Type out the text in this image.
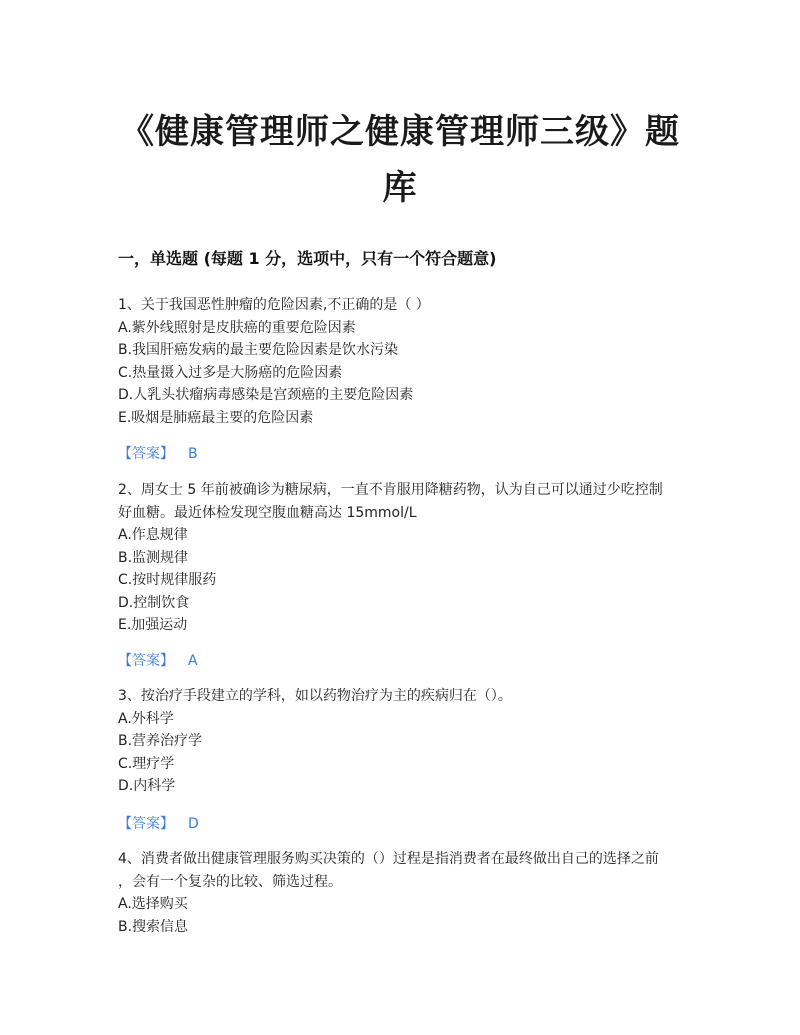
《健康管理师之健康管理师三级》题
库
一，单选题 (每题 1 分，选项中，只有一个符合题意)
1、关于我国恶性肿瘤的危险因素,不正确的是（ ）
A.紫外线照射是皮肤癌的重要危险因素
B.我国肝癌发病的最主要危险因素是饮水污染
C.热量摄入过多是大肠癌的危险因素
D.人乳头状瘤病毒感染是宫颈癌的主要危险因素
E.吸烟是肺癌最主要的危险因素
【答案】 B
2、周女士 5 年前被确诊为糖尿病，一直不肯服用降糖药物，认为自己可以通过少吃控制
好血糖。最近体检发现空腹血糖高达 15mmol/L
A.作息规律
B.监测规律
C.按时规律服药
D.控制饮食
E.加强运动
【答案】 A
3、按治疗手段建立的学科，如以药物治疗为主的疾病归在（）。
A.外科学
B.营养治疗学
C.理疗学
D.内科学
【答案】 D
4、消费者做出健康管理服务购买决策的（）过程是指消费者在最终做出自己的选择之前
，会有一个复杂的比较、筛选过程。
A.选择购买
B.搜索信息
